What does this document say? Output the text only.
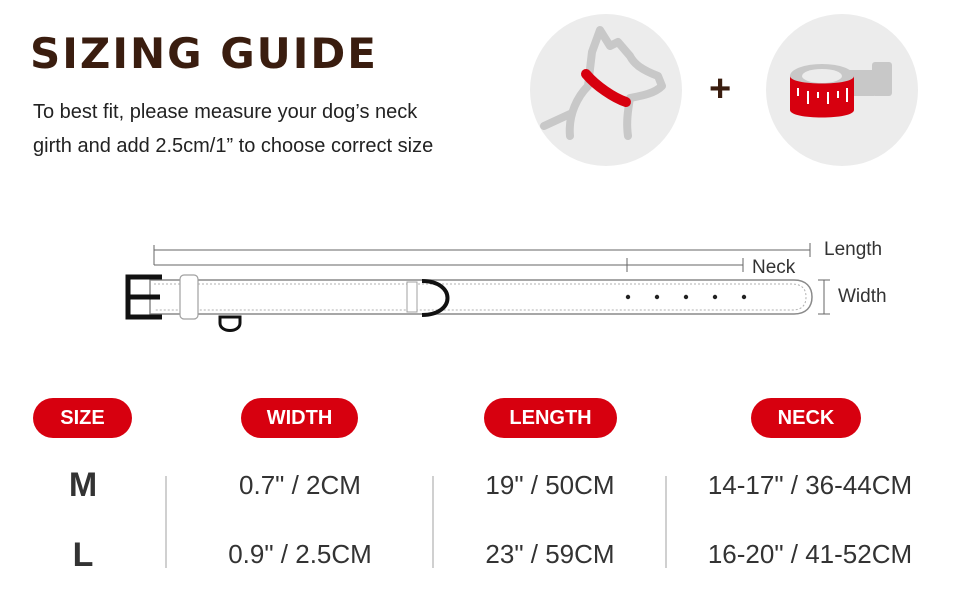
SIZING GUIDE
To best fit, please measure your dog’s neck
girth and add 2.5cm/1” to choose correct size
+
Length
Neck
Width
SIZE	WIDTH	LENGTH	NECK
M	0.7" / 2CM	19" / 50CM	14-17" / 36-44CM
L	0.9" / 2.5CM	23" / 59CM	16-20" / 41-52CM
